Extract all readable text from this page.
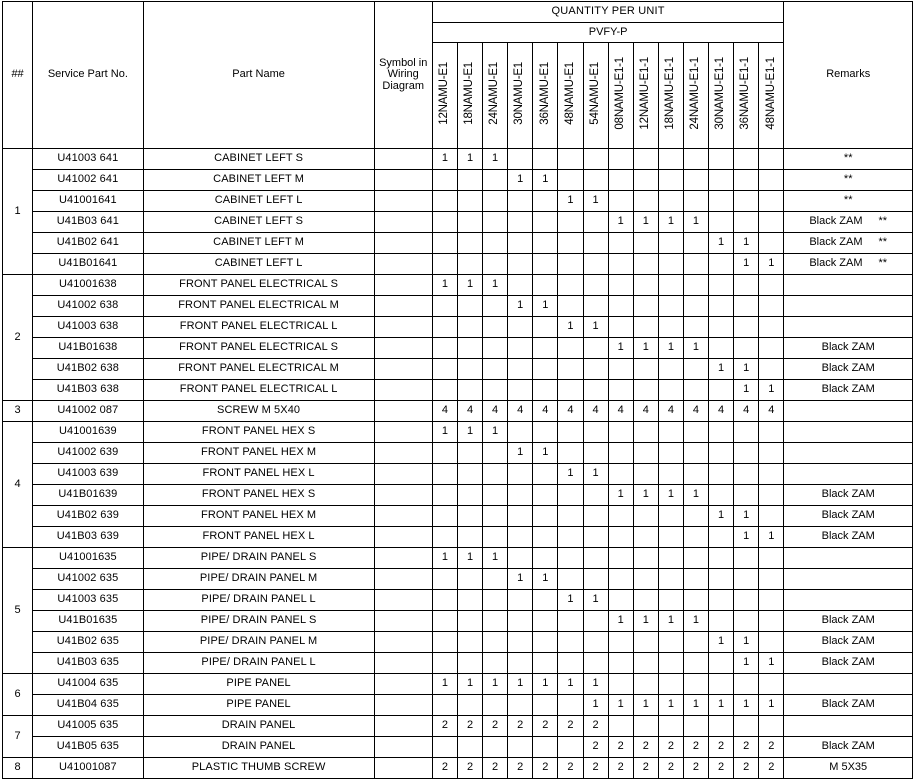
##	Service Part No.	Part Name	Symbol in Wiring Diagram	QUANTITY PER UNIT														Remarks
				PVFY-P														
				12NAMU-E1	18NAMU-E1	24NAMU-E1	30NAMU-E1	36NAMU-E1	48NAMU-E1	54NAMU-E1	08NAMU-E1-1	12NAMU-E1-1	18NAMU-E1-1	24NAMU-E1-1	30NAMU-E1-1	36NAMU-E1-1	48NAMU-E1-1	
1	U41003 641	CABINET LEFT S		1	1	1												**
	U41002 641	CABINET LEFT M					1	1										**
	U41001641	CABINET LEFT L							1	1								**
	U41B03 641	CABINET LEFT S									1	1	1	1				Black ZAM **
	U41B02 641	CABINET LEFT M													1	1		Black ZAM **
	U41B01641	CABINET LEFT L														1	1	Black ZAM **
2	U41001638	FRONT PANEL ELECTRICAL S		1	1	1												
	U41002 638	FRONT PANEL ELECTRICAL M					1	1										
	U41003 638	FRONT PANEL ELECTRICAL L							1	1								
	U41B01638	FRONT PANEL ELECTRICAL S									1	1	1	1				Black ZAM
	U41B02 638	FRONT PANEL ELECTRICAL M													1	1		Black ZAM
	U41B03 638	FRONT PANEL ELECTRICAL L														1	1	Black ZAM
3	U41002 087	SCREW M 5X40		4	4	4	4	4	4	4	4	4	4	4	4	4	4	
4	U41001639	FRONT PANEL HEX S		1	1	1												
	U41002 639	FRONT PANEL HEX M					1	1										
	U41003 639	FRONT PANEL HEX L							1	1								
	U41B01639	FRONT PANEL HEX S									1	1	1	1				Black ZAM
	U41B02 639	FRONT PANEL HEX M													1	1		Black ZAM
	U41B03 639	FRONT PANEL HEX L														1	1	Black ZAM
5	U41001635	PIPE/ DRAIN PANEL S		1	1	1												
	U41002 635	PIPE/ DRAIN PANEL M					1	1										
	U41003 635	PIPE/ DRAIN PANEL L							1	1								
	U41B01635	PIPE/ DRAIN PANEL S									1	1	1	1				Black ZAM
	U41B02 635	PIPE/ DRAIN PANEL M													1	1		Black ZAM
	U41B03 635	PIPE/ DRAIN PANEL L														1	1	Black ZAM
6	U41004 635	PIPE PANEL		1	1	1	1	1	1	1								
	U41B04 635	PIPE PANEL								1	1	1	1	1	1	1	1	Black ZAM
7	U41005 635	DRAIN PANEL		2	2	2	2	2	2	2								
	U41B05 635	DRAIN PANEL								2	2	2	2	2	2	2	2	Black ZAM
8	U41001087	PLASTIC THUMB SCREW		2	2	2	2	2	2	2	2	2	2	2	2	2	2	M 5X35
